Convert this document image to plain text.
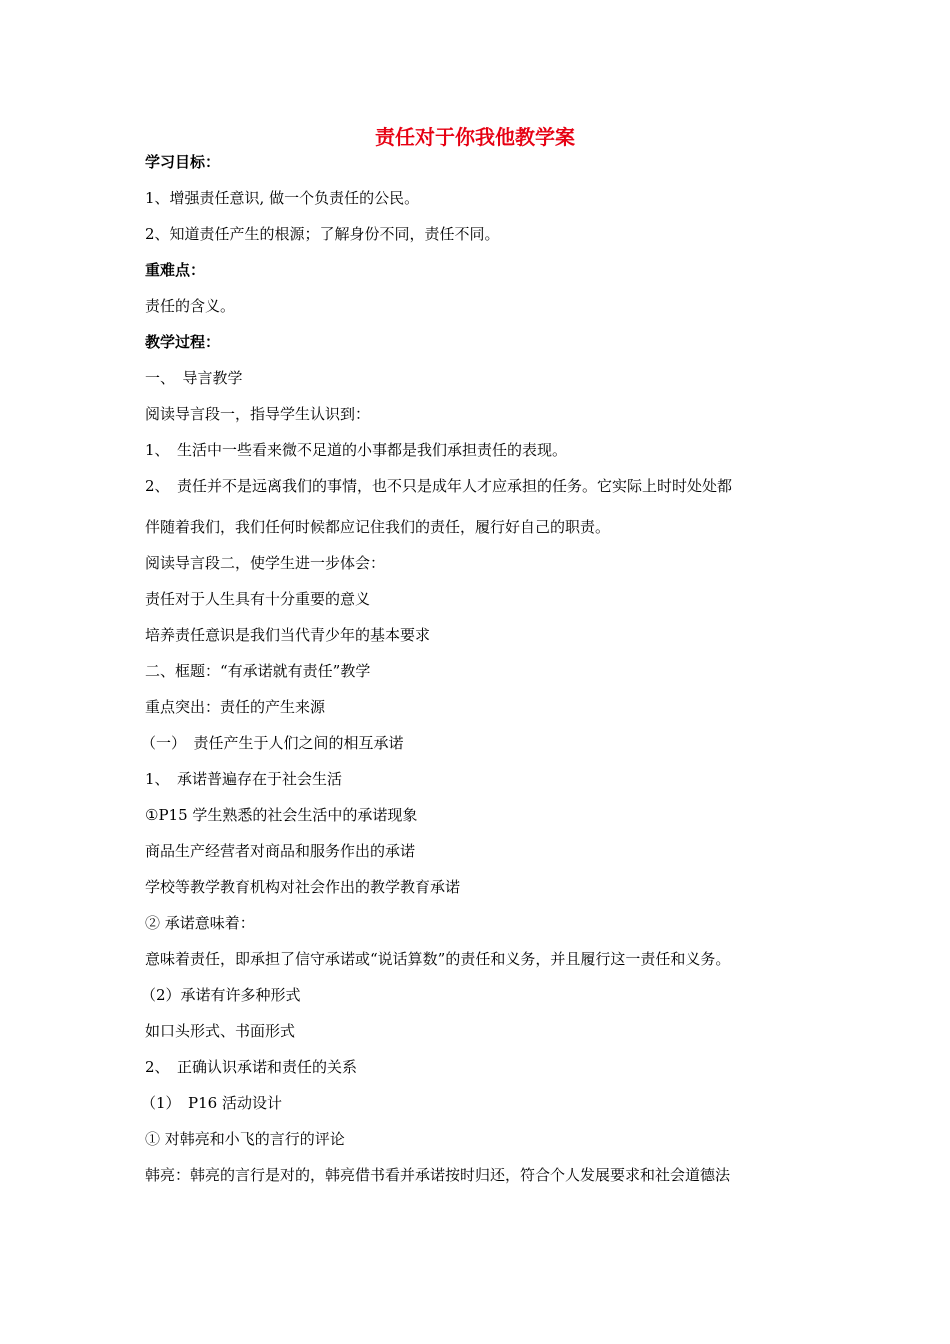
责任对于你我他教学案
学习目标：
1、增强责任意识, 做一个负责任的公民。
2、知道责任产生的根源；了解身份不同，责任不同。
重难点：
责任的含义。
教学过程：
一、　导言教学
阅读导言段一，指导学生认识到：
1、　生活中一些看来微不足道的小事都是我们承担责任的表现。
2、　责任并不是远离我们的事情，也不只是成年人才应承担的任务。它实际上时时处处都
伴随着我们，我们任何时候都应记住我们的责任，履行好自己的职责。
阅读导言段二，使学生进一步体会：
责任对于人生具有十分重要的意义
培养责任意识是我们当代青少年的基本要求
二、框题：“有承诺就有责任”教学
重点突出：责任的产生来源
（一）　责任产生于人们之间的相互承诺
1、　承诺普遍存在于社会生活
①P15 学生熟悉的社会生活中的承诺现象
商品生产经营者对商品和服务作出的承诺
学校等教学教育机构对社会作出的教学教育承诺
② 承诺意味着：
意味着责任，即承担了信守承诺或“说话算数”的责任和义务，并且履行这一责任和义务。
（2）承诺有许多种形式
如口头形式、书面形式
2、　正确认识承诺和责任的关系
（1）　P16 活动设计
① 对韩亮和小飞的言行的评论
韩亮：韩亮的言行是对的，韩亮借书看并承诺按时归还，符合个人发展要求和社会道德法
